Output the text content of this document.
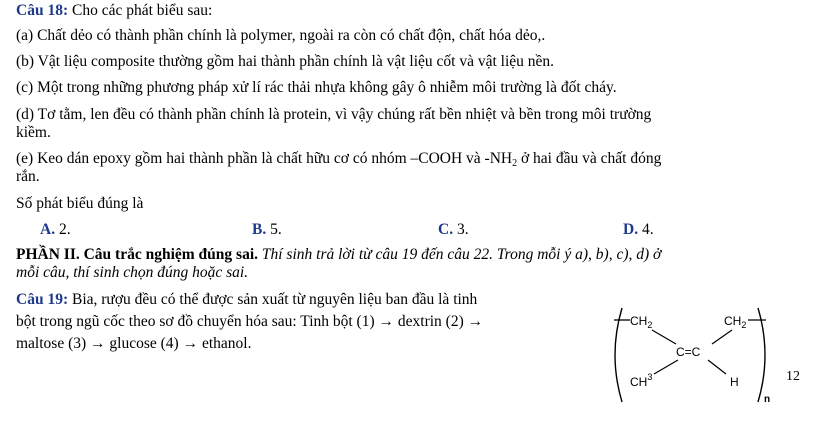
Câu 18: Cho các phát biểu sau:
(a) Chất dẻo có thành phần chính là polymer, ngoài ra còn có chất độn, chất hóa dẻo,.
(b) Vật liệu composite thường gồm hai thành phần chính là vật liệu cốt và vật liệu nền.
(c) Một trong những phương pháp xử lí rác thải nhựa không gây ô nhiễm môi trường là đốt cháy.
(d) Tơ tằm, len đều có thành phần chính là protein, vì vậy chúng rất bền nhiệt và bền trong môi trường
kiềm.
(e) Keo dán epoxy gồm hai thành phần là chất hữu cơ có nhóm –COOH và $-NH_2$ ở hai đầu và chất đóng
rắn.
Số phát biểu đúng là
A. 2.	B. 5.	C. 3.	D. 4.
PHẦN II. Câu trắc nghiệm đúng sai. Thí sinh trả lời từ câu 19 đến câu 22. Trong mỗi ý a), b), c), d) ở
mỗi câu, thí sinh chọn đúng hoặc sai.
Câu 19: Bia, rượu đều có thể được sản xuất từ nguyên liệu ban đầu là tinh
bột trong ngũ cốc theo sơ đồ chuyển hóa sau: Tinh bột (1) → dextrin (2) →
maltose (3) → glucose (4) → ethanol.
$CH_2$	$CH_2$
C=C
$CH^3$	H
n
12
